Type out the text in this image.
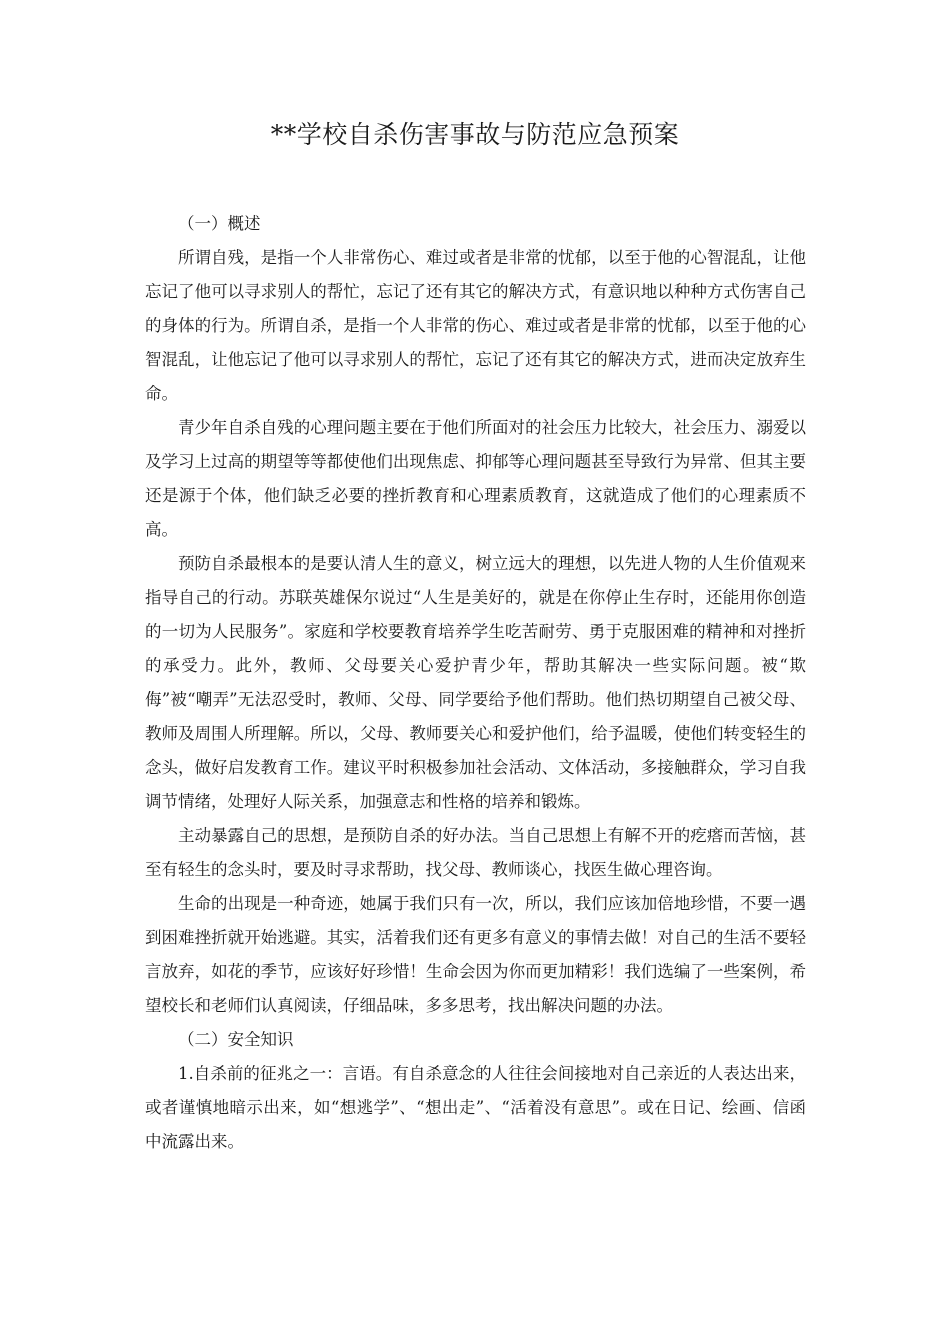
**学校自杀伤害事故与防范应急预案

（一）概述

所谓自残，是指一个人非常伤心、难过或者是非常的忧郁，以至于他的心智混乱，让他忘记了他可以寻求别人的帮忙，忘记了还有其它的解决方式，有意识地以种种方式伤害自己的身体的行为。所谓自杀，是指一个人非常的伤心、难过或者是非常的忧郁，以至于他的心智混乱，让他忘记了他可以寻求别人的帮忙，忘记了还有其它的解决方式，进而决定放弃生命。

青少年自杀自残的心理问题主要在于他们所面对的社会压力比较大，社会压力、溺爱以及学习上过高的期望等等都使他们出现焦虑、抑郁等心理问题甚至导致行为异常、但其主要还是源于个体，他们缺乏必要的挫折教育和心理素质教育，这就造成了他们的心理素质不高。

预防自杀最根本的是要认清人生的意义，树立远大的理想，以先进人物的人生价值观来指导自己的行动。苏联英雄保尔说过“人生是美好的，就是在你停止生存时，还能用你创造的一切为人民服务”。家庭和学校要教育培养学生吃苦耐劳、勇于克服困难的精神和对挫折的承受力。此外，教师、父母要关心爱护青少年，帮助其解决一些实际问题。被“欺侮”被“嘲弄”无法忍受时，教师、父母、同学要给予他们帮助。他们热切期望自己被父母、教师及周围人所理解。所以，父母、教师要关心和爱护他们，给予温暖，使他们转变轻生的念头，做好启发教育工作。建议平时积极参加社会活动、文体活动，多接触群众，学习自我调节情绪，处理好人际关系，加强意志和性格的培养和锻炼。

主动暴露自己的思想，是预防自杀的好办法。当自己思想上有解不开的疙瘩而苦恼，甚至有轻生的念头时，要及时寻求帮助，找父母、教师谈心，找医生做心理咨询。

生命的出现是一种奇迹，她属于我们只有一次，所以，我们应该加倍地珍惜，不要一遇到困难挫折就开始逃避。其实，活着我们还有更多有意义的事情去做！对自己的生活不要轻言放弃，如花的季节，应该好好珍惜！生命会因为你而更加精彩！我们选编了一些案例，希望校长和老师们认真阅读，仔细品味，多多思考，找出解决问题的办法。

（二）安全知识

1.自杀前的征兆之一：言语。有自杀意念的人往往会间接地对自己亲近的人表达出来，或者谨慎地暗示出来，如“想逃学”、“想出走”、“活着没有意思”。或在日记、绘画、信函中流露出来。
